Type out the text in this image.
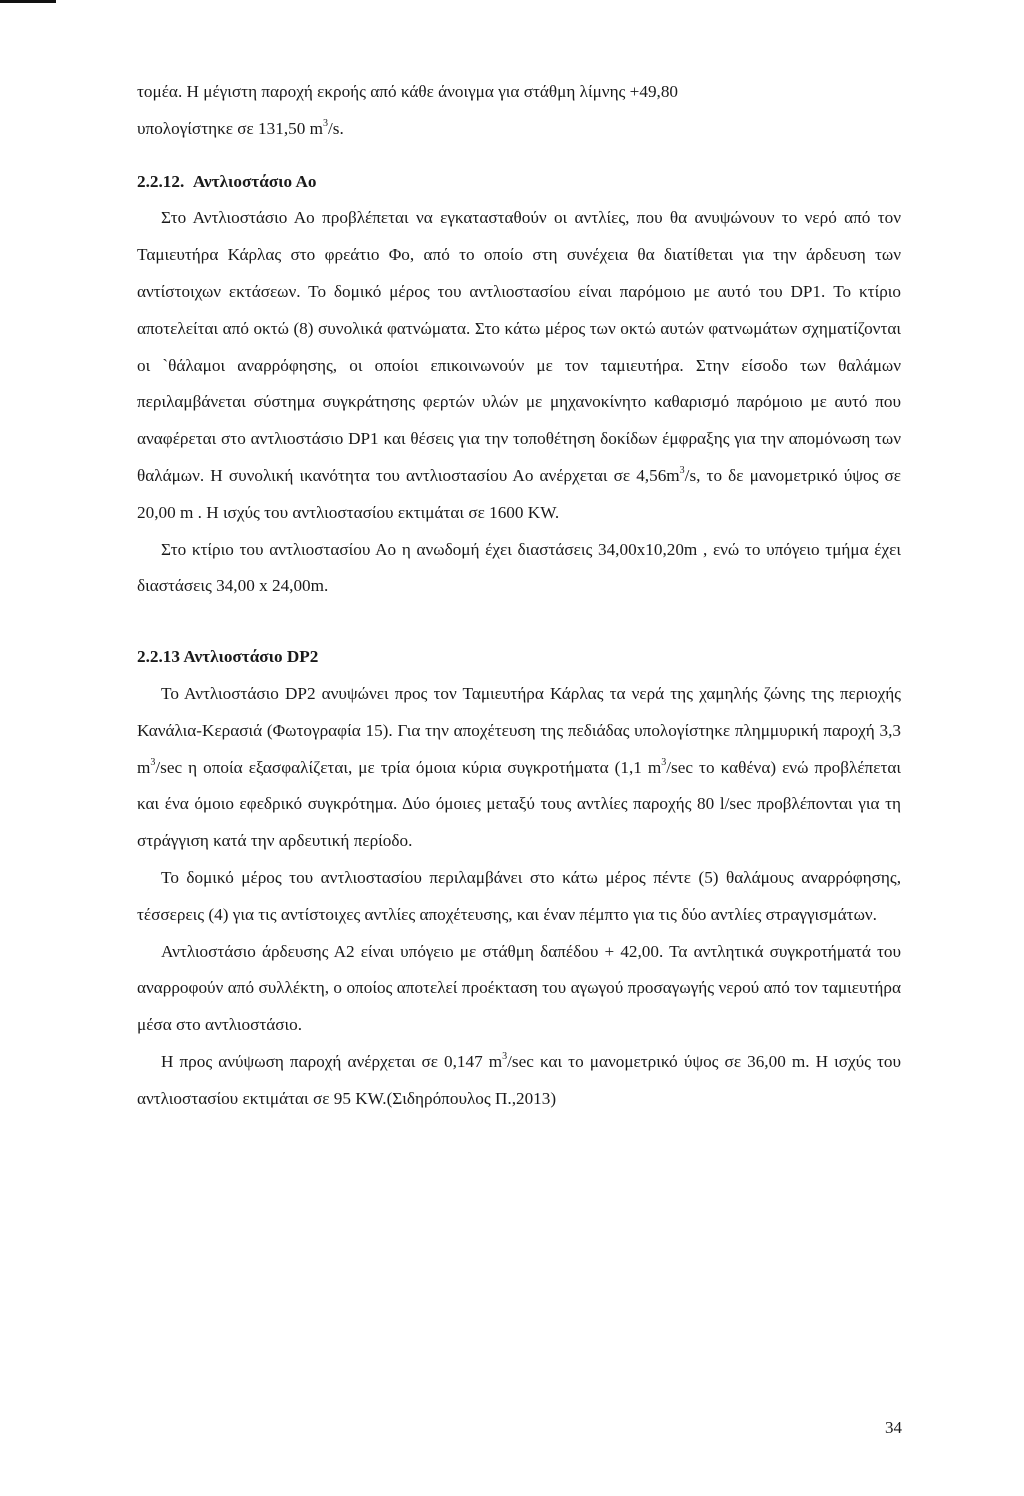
τομέα. Η μέγιστη παροχή εκροής από κάθε άνοιγμα για στάθμη λίμνης +49,80
υπολογίστηκε σε 131,50 $m^3/s$.

2.2.12. Αντλιοστάσιο Αο

Στο Αντλιοστάσιο Αο προβλέπεται να εγκατασταθούν οι αντλίες, που θα ανυψώνουν το νερό από τον Ταμιευτήρα Κάρλας στο φρεάτιο Φο, από το οποίο στη συνέχεια θα διατίθεται για την άρδευση των αντίστοιχων εκτάσεων. Το δομικό μέρος του αντλιοστασίου είναι παρόμοιο με αυτό του DP1. Το κτίριο αποτελείται από οκτώ (8) συνολικά φατνώματα. Στο κάτω μέρος των οκτώ αυτών φατνωμάτων σχηματίζονται οι `θάλαμοι αναρρόφησης, οι οποίοι επικοινωνούν με τον ταμιευτήρα. Στην είσοδο των θαλάμων περιλαμβάνεται σύστημα συγκράτησης φερτών υλών με μηχανοκίνητο καθαρισμό παρόμοιο με αυτό που αναφέρεται στο αντλιοστάσιο DP1 και θέσεις για την τοποθέτηση δοκίδων έμφραξης για την απομόνωση των θαλάμων. Η συνολική ικανότητα του αντλιοστασίου Αο ανέρχεται σε $4,56m^3/s$, το δε μανομετρικό ύψος σε 20,00 m . Η ισχύς του αντλιοστασίου εκτιμάται σε 1600 KW.

Στο κτίριο του αντλιοστασίου Αο η ανωδομή έχει διαστάσεις 34,00x10,20m , ενώ το υπόγειο τμήμα έχει διαστάσεις 34,00 x 24,00m.

2.2.13 Αντλιοστάσιο DP2

Το Αντλιοστάσιο DP2 ανυψώνει προς τον Ταμιευτήρα Κάρλας τα νερά της χαμηλής ζώνης της περιοχής Κανάλια-Κερασιά (Φωτογραφία 15). Για την αποχέτευση της πεδιάδας υπολογίστηκε πλημμυρική παροχή 3,3 $m^3/\sec$ η οποία εξασφαλίζεται, με τρία όμοια κύρια συγκροτήματα (1,1 $m^3/\sec$ το καθένα) ενώ προβλέπεται και ένα όμοιο εφεδρικό συγκρότημα. Δύο όμοιες μεταξύ τους αντλίες παροχής 80 l/sec προβλέπονται για τη στράγγιση κατά την αρδευτική περίοδο.

Το δομικό μέρος του αντλιοστασίου περιλαμβάνει στο κάτω μέρος πέντε (5) θαλάμους αναρρόφησης, τέσσερεις (4) για τις αντίστοιχες αντλίες αποχέτευσης, και έναν πέμπτο για τις δύο αντλίες στραγγισμάτων.

Αντλιοστάσιο άρδευσης Α2 είναι υπόγειο με στάθμη δαπέδου + 42,00. Τα αντλητικά συγκροτήματά του αναρροφούν από συλλέκτη, ο οποίος αποτελεί προέκταση του αγωγού προσαγωγής νερού από τον ταμιευτήρα μέσα στο αντλιοστάσιο.

Η προς ανύψωση παροχή ανέρχεται σε 0,147 $m^3/\sec$ και το μανομετρικό ύψος σε 36,00 m. Η ισχύς του αντλιοστασίου εκτιμάται σε 95 KW.(Σιδηρόπουλος Π.,2013)

34
